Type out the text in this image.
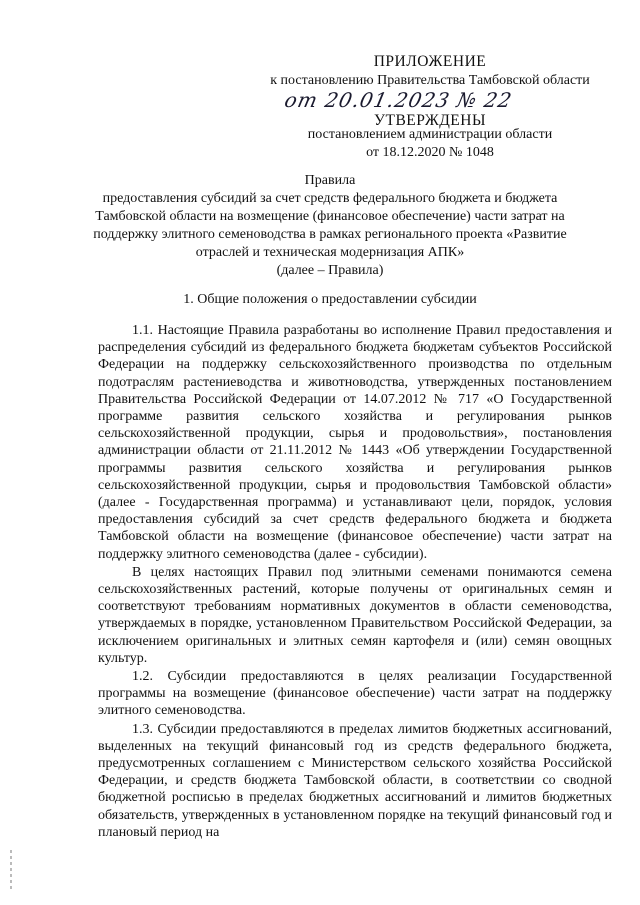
ПРИЛОЖЕНИЕ
к постановлению Правительства Тамбовской области
от 20.01.2023 № 22
УТВЕРЖДЕНЫ
постановлением администрации области
от 18.12.2020 № 1048
Правила
предоставления субсидий за счет средств федерального бюджета и бюджета
Тамбовской области на возмещение (финансовое обеспечение) части затрат на
поддержку элитного семеноводства в рамках регионального проекта «Развитие
отраслей и техническая модернизация АПК»
(далее – Правила)
1. Общие положения о предоставлении субсидии

1.1. Настоящие Правила разработаны во исполнение Правил предоставления и распределения субсидий из федерального бюджета бюджетам субъектов Российской Федерации на поддержку сельскохозяйственного производства по отдельным подотраслям растениеводства и животноводства, утвержденных постановлением Правительства Российской Федерации от 14.07.2012 № 717 «О Государственной программе развития сельского хозяйства и регулирования рынков сельскохозяйственной продукции, сырья и продовольствия», постановления администрации области от 21.11.2012 № 1443 «Об утверждении Государственной программы развития сельского хозяйства и регулирования рынков сельскохозяйственной продукции, сырья и продовольствия Тамбовской области» (далее - Государственная программа) и устанавливают цели, порядок, условия предоставления субсидий за счет средств федерального бюджета и бюджета Тамбовской области на возмещение (финансовое обеспечение) части затрат на поддержку элитного семеноводства (далее - субсидии).

В целях настоящих Правил под элитными семенами понимаются семена сельскохозяйственных растений, которые получены от оригинальных семян и соответствуют требованиям нормативных документов в области семеноводства, утверждаемых в порядке, установленном Правительством Российской Федерации, за исключением оригинальных и элитных семян картофеля и (или) семян овощных культур.

1.2. Субсидии предоставляются в целях реализации Государственной программы на возмещение (финансовое обеспечение) части затрат на поддержку элитного семеноводства.

1.3. Субсидии предоставляются в пределах лимитов бюджетных ассигнований, выделенных на текущий финансовый год из средств федерального бюджета, предусмотренных соглашением с Министерством сельского хозяйства Российской Федерации, и средств бюджета Тамбовской области, в соответствии со сводной бюджетной росписью в пределах бюджетных ассигнований и лимитов бюджетных обязательств, утвержденных в установленном порядке на текущий финансовый год и плановый период на
